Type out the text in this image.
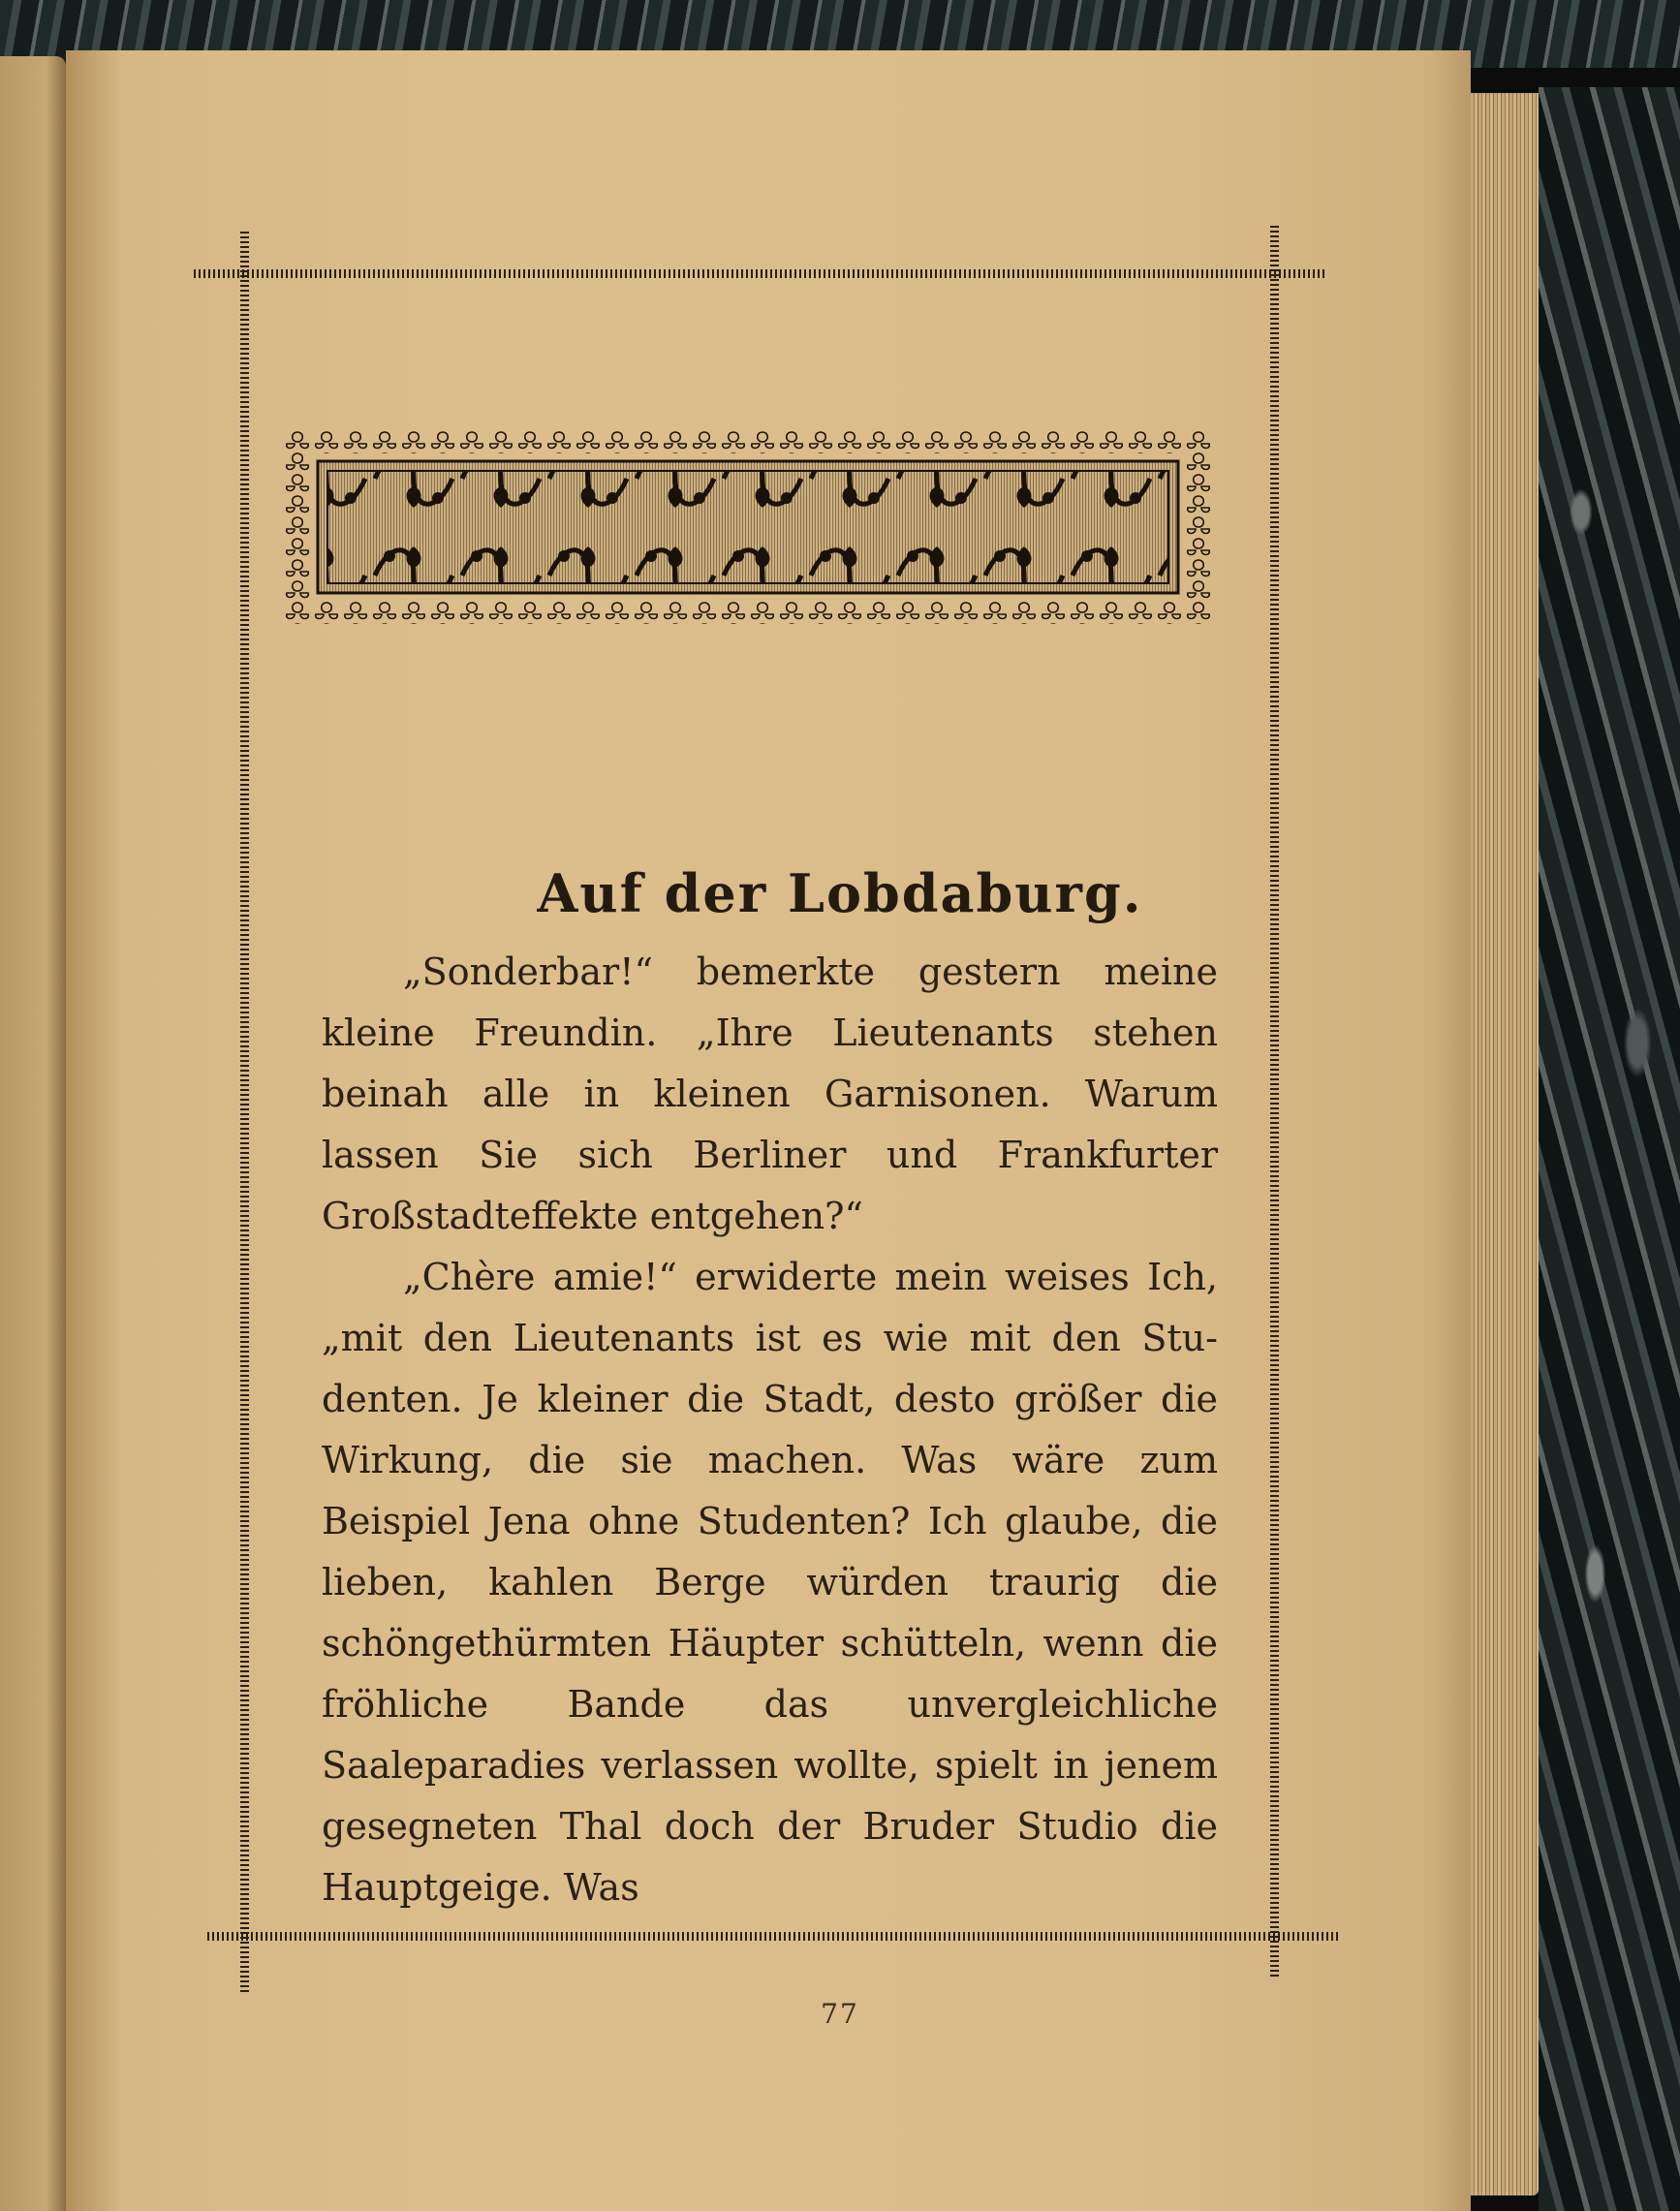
Auf der Lobdaburg.

„Sonderbar!“ bemerkte gestern meine kleine Freundin. „Ihre Lieutenants stehen beinah alle in kleinen Garnisonen. Warum lassen Sie sich Berliner und Frankfurter Großstadteffekte entgehen?“

„Chère amie!“ erwiderte mein weises Ich, „mit den Lieutenants ist es wie mit den Studenten. Je kleiner die Stadt, desto größer die Wirkung, die sie machen. Was wäre zum Beispiel Jena ohne Studenten? Ich glaube, die lieben, kahlen Berge würden traurig die schöngethürmten Häupter schütteln, wenn die fröhliche Bande das unvergleichliche Saaleparadies verlassen wollte, spielt in jenem gesegneten Thal doch der Bruder Studio die Hauptgeige. Was

77
